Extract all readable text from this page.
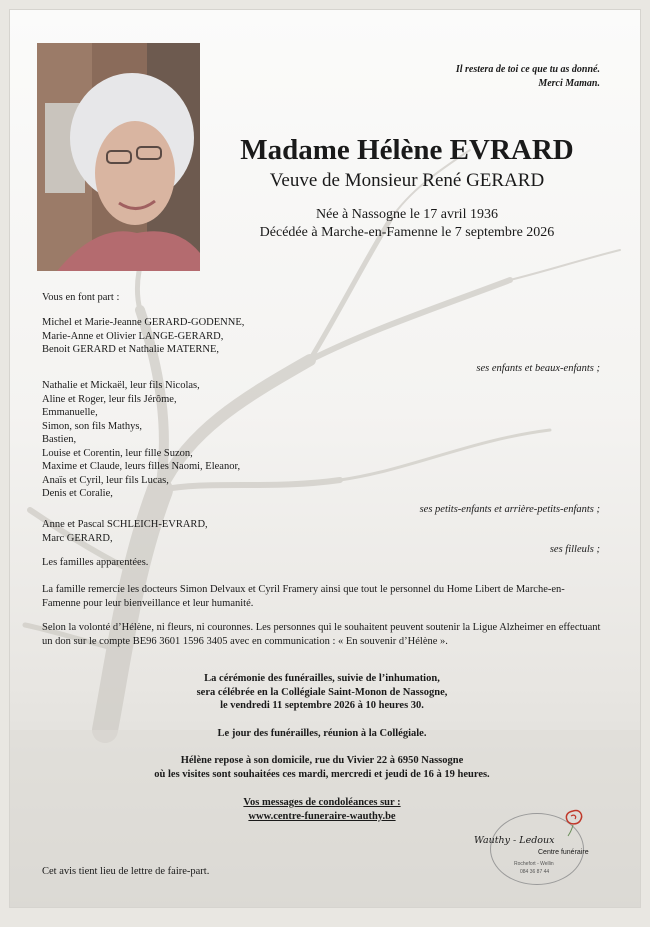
Il restera de toi ce que tu as donné.
Merci Maman.
Madame Hélène EVRARD
Veuve de Monsieur René GERARD
Née à Nassogne le 17 avril 1936
Décédée à Marche-en-Famenne le 7 septembre 2026
Vous en font part :
Michel et Marie-Jeanne GERARD-GODENNE,
Marie-Anne et Olivier LANGE-GERARD,
Benoit GERARD et Nathalie MATERNE,
ses enfants et beaux-enfants ;
Nathalie et Mickaël, leur fils Nicolas,
Aline et Roger, leur fils Jérôme,
Emmanuelle,
Simon, son fils Mathys,
Bastien,
Louise et Corentin, leur fille Suzon,
Maxime et Claude, leurs filles Naomi, Eleanor,
Anaïs et Cyril, leur fils Lucas,
Denis et Coralie,
ses petits-enfants et arrière-petits-enfants ;
Anne et Pascal SCHLEICH-EVRARD,
Marc GERARD,
ses filleuls ;
Les familles apparentées.
La famille remercie les docteurs Simon Delvaux et Cyril Framery ainsi que tout le personnel du Home Libert de Marche-en-Famenne pour leur bienveillance et leur humanité.
Selon la volonté d’Hélène, ni fleurs, ni couronnes. Les personnes qui le souhaitent peuvent soutenir la Ligue Alzheimer en effectuant un don sur le compte BE96 3601 1596 3405 avec en communication : « En souvenir d’Hélène ».
La cérémonie des funérailles, suivie de l’inhumation,
sera célébrée en la Collégiale Saint-Monon de Nassogne,
le vendredi 11 septembre 2026 à 10 heures 30.
Le jour des funérailles, réunion à la Collégiale.
Hélène repose à son domicile, rue du Vivier 22 à 6950 Nassogne
où les visites sont souhaitées ces mardi, mercredi et jeudi de 16 à 19 heures.
Vos messages de condoléances sur :
www.centre-funeraire-wauthy.be
Cet avis tient lieu de lettre de faire-part.
Wauthy - Ledoux
Centre funéraire
Rochefort - Wellin
084 36 87 44
